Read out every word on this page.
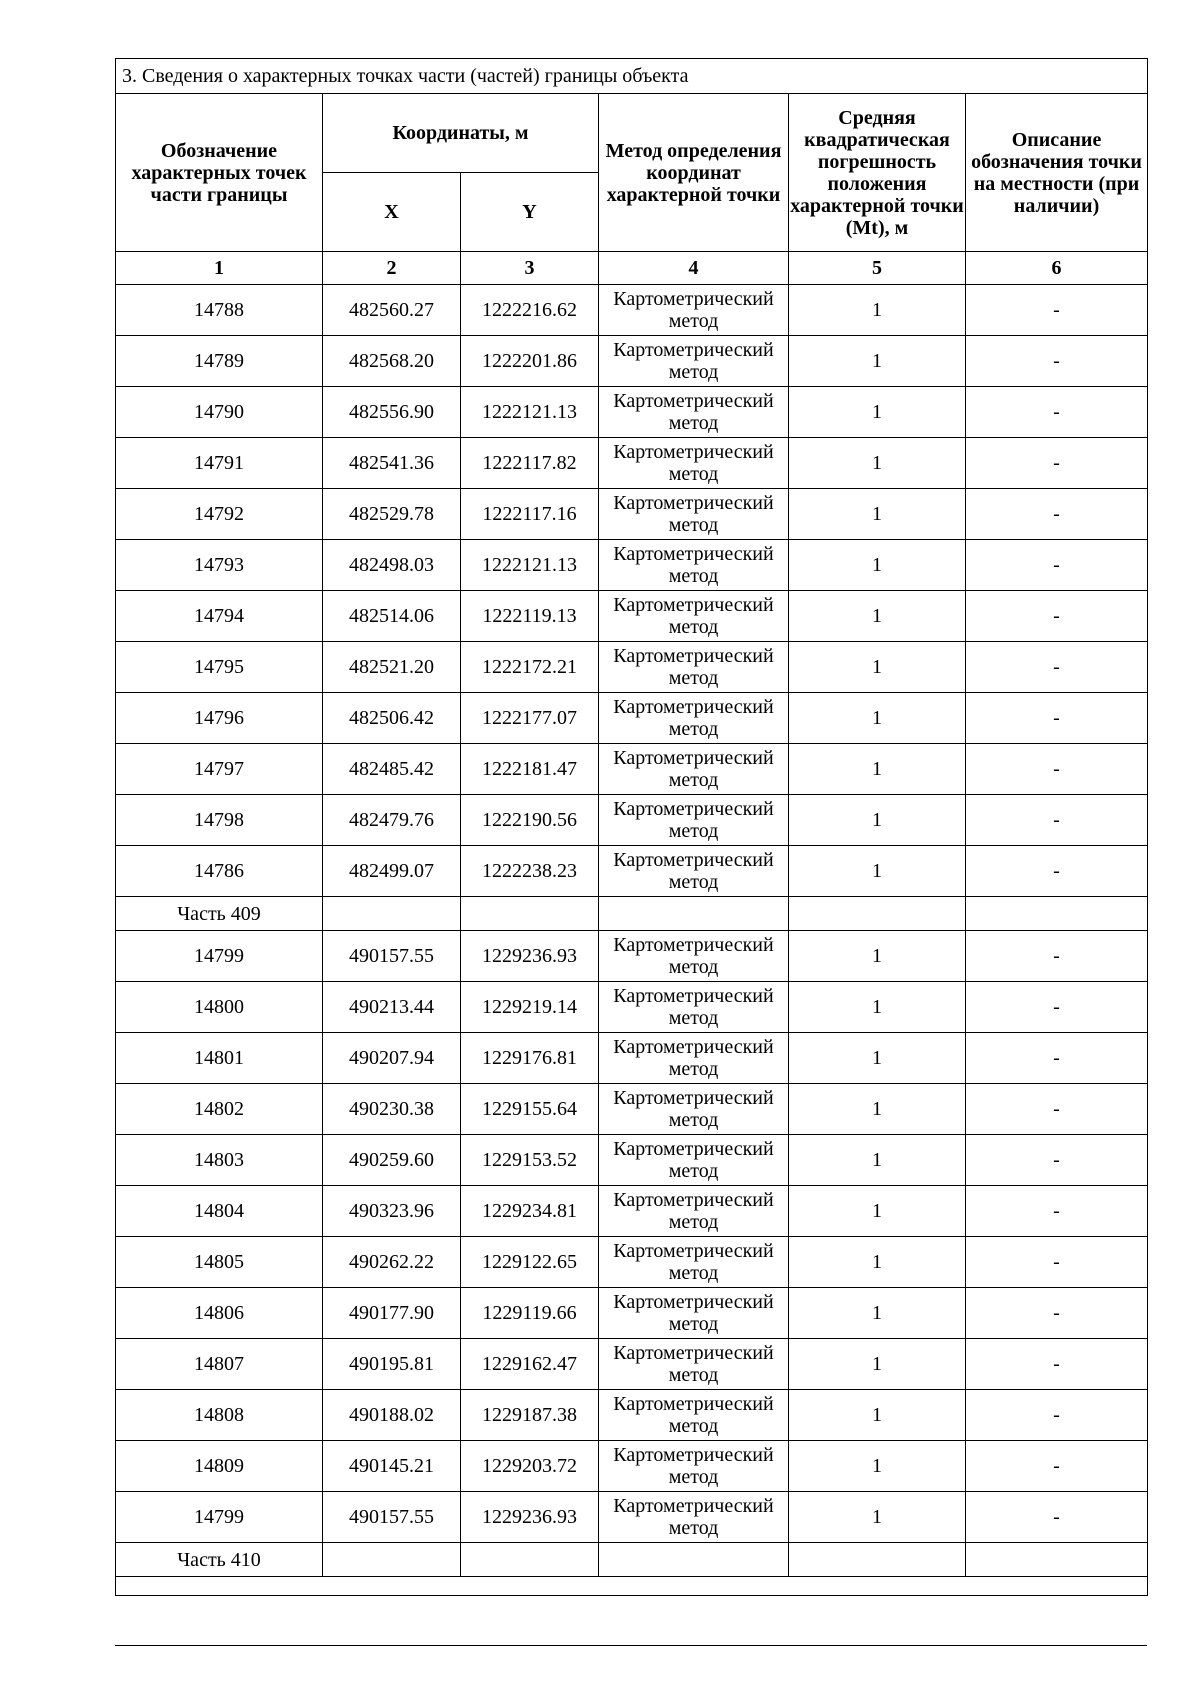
3. Сведения о характерных точках части (частей) границы объекта					
Обозначение характерных точек части границы	Координаты, м		Метод определения координат характерной точки	Средняя квадратическая погрешность положения характерной точки (Mt), м	Описание обозначения точки на местности (при наличии)
	X	Y			
1	2	3	4	5	6
14788	482560.27	1222216.62	Картометрический метод	1	-
14789	482568.20	1222201.86	Картометрический метод	1	-
14790	482556.90	1222121.13	Картометрический метод	1	-
14791	482541.36	1222117.82	Картометрический метод	1	-
14792	482529.78	1222117.16	Картометрический метод	1	-
14793	482498.03	1222121.13	Картометрический метод	1	-
14794	482514.06	1222119.13	Картометрический метод	1	-
14795	482521.20	1222172.21	Картометрический метод	1	-
14796	482506.42	1222177.07	Картометрический метод	1	-
14797	482485.42	1222181.47	Картометрический метод	1	-
14798	482479.76	1222190.56	Картометрический метод	1	-
14786	482499.07	1222238.23	Картометрический метод	1	-
Часть 409					
14799	490157.55	1229236.93	Картометрический метод	1	-
14800	490213.44	1229219.14	Картометрический метод	1	-
14801	490207.94	1229176.81	Картометрический метод	1	-
14802	490230.38	1229155.64	Картометрический метод	1	-
14803	490259.60	1229153.52	Картометрический метод	1	-
14804	490323.96	1229234.81	Картометрический метод	1	-
14805	490262.22	1229122.65	Картометрический метод	1	-
14806	490177.90	1229119.66	Картометрический метод	1	-
14807	490195.81	1229162.47	Картометрический метод	1	-
14808	490188.02	1229187.38	Картометрический метод	1	-
14809	490145.21	1229203.72	Картометрический метод	1	-
14799	490157.55	1229236.93	Картометрический метод	1	-
Часть 410					
